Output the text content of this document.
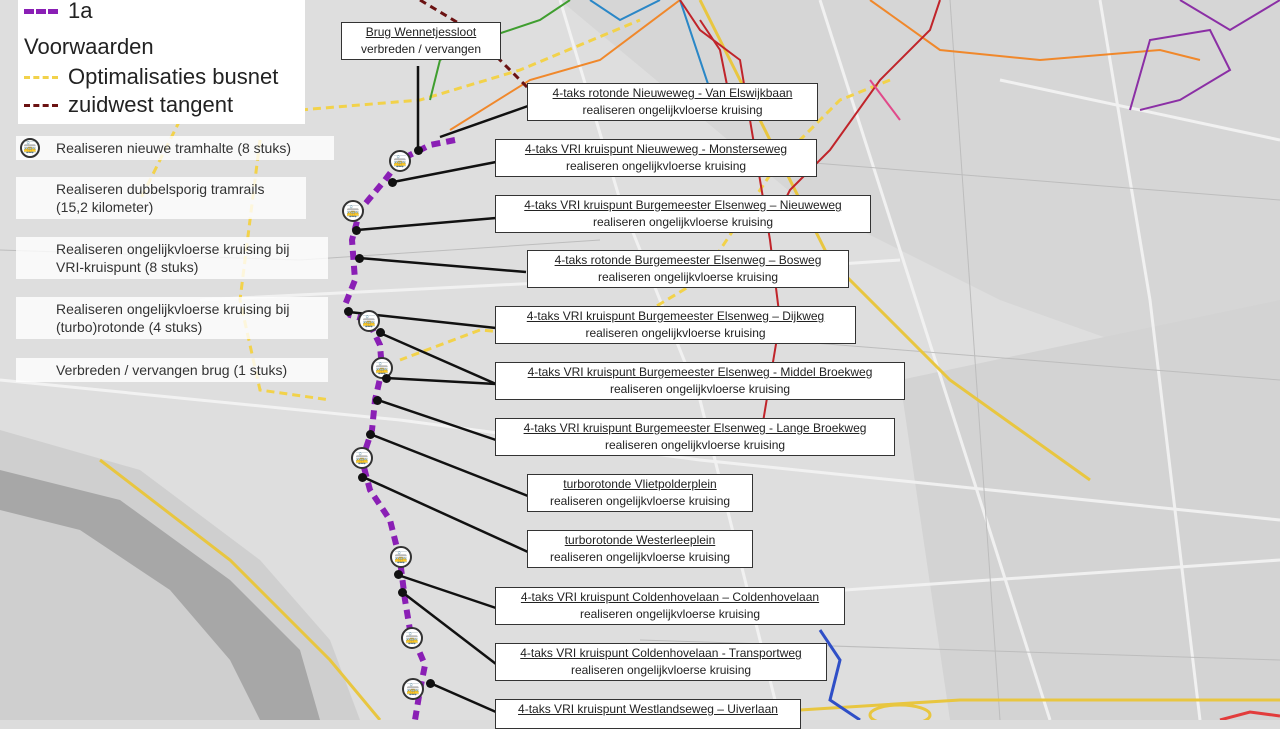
1a
Voorwaarden
Optimalisaties busnet
zuidwest tangent
🚋 Realiseren nieuwe tramhalte (8 stuks)
Realiseren dubbelsporig tramrails
(15,2 kilometer)
Realiseren ongelijkvloerse kruising bij
VRI-kruispunt (8 stuks)
Realiseren ongelijkvloerse kruising bij
(turbo)rotonde (4 stuks)
Verbreden / vervangen brug (1 stuks)
🚋
🚋
🚋
🚋
🚋
🚋
🚋
🚋
Brug Wennetjessloot
verbreden / vervangen
4-taks rotonde Nieuweweg - Van Elswijkbaan
realiseren ongelijkvloerse kruising
4-taks VRI kruispunt Nieuweweg - Monsterseweg
realiseren ongelijkvloerse kruising
4-taks VRI kruispunt Burgemeester Elsenweg – Nieuweweg
realiseren ongelijkvloerse kruising
4-taks rotonde Burgemeester Elsenweg – Bosweg
realiseren ongelijkvloerse kruising
4-taks VRI kruispunt Burgemeester Elsenweg – Dijkweg
realiseren ongelijkvloerse kruising
4-taks VRI kruispunt Burgemeester Elsenweg - Middel Broekweg
realiseren ongelijkvloerse kruising
4-taks VRI kruispunt Burgemeester Elsenweg - Lange Broekweg
realiseren ongelijkvloerse kruising
turborotonde Vlietpolderplein
realiseren ongelijkvloerse kruising
turborotonde Westerleeplein
realiseren ongelijkvloerse kruising
4-taks VRI kruispunt Coldenhovelaan – Coldenhovelaan
realiseren ongelijkvloerse kruising
4-taks VRI kruispunt Coldenhovelaan - Transportweg
realiseren ongelijkvloerse kruising
4-taks VRI kruispunt Westlandseweg – Uiverlaan
